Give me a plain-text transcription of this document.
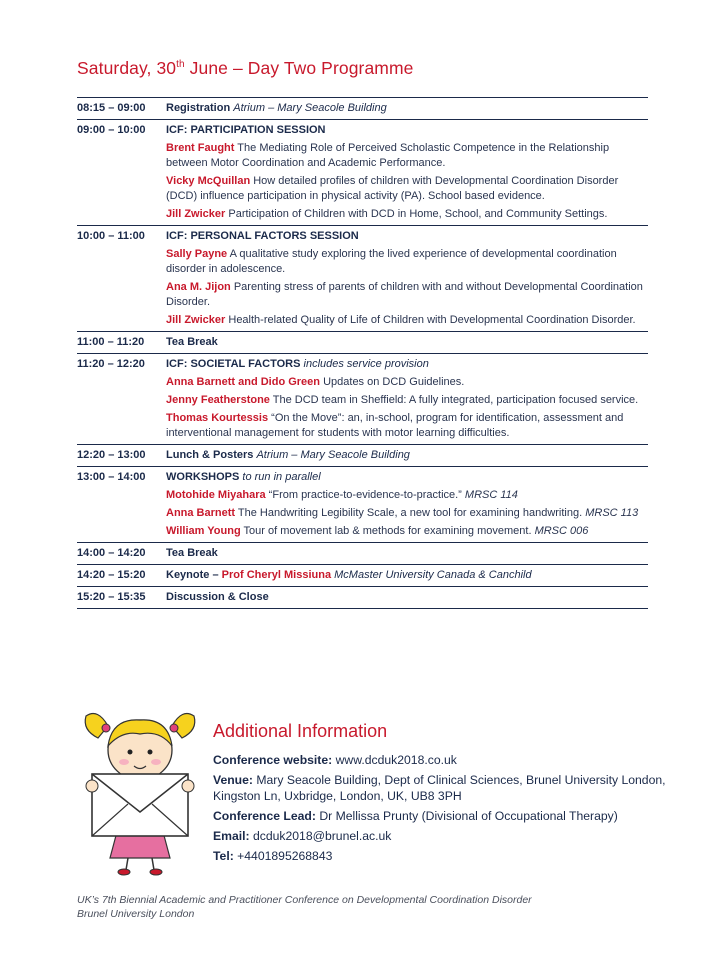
Saturday, 30th June – Day Two Programme
08:15 – 09:00	Registration Atrium – Mary Seacole Building
09:00 – 10:00	ICF: PARTICIPATION SESSION
Brent Faught The Mediating Role of Perceived Scholastic Competence in the Relationship between Motor Coordination and Academic Performance.
Vicky McQuillan How detailed profiles of children with Developmental Coordination Disorder (DCD) influence participation in physical activity (PA). School based evidence.
Jill Zwicker Participation of Children with DCD in Home, School, and Community Settings.
10:00 – 11:00	ICF: PERSONAL FACTORS SESSION
Sally Payne A qualitative study exploring the lived experience of developmental coordination disorder in adolescence.
Ana M. Jijon Parenting stress of parents of children with and without Developmental Coordination Disorder.
Jill Zwicker Health-related Quality of Life of Children with Developmental Coordination Disorder.
11:00 – 11:20	Tea Break
11:20 – 12:20	ICF: SOCIETAL FACTORS includes service provision
Anna Barnett and Dido Green Updates on DCD Guidelines.
Jenny Featherstone The DCD team in Sheffield: A fully integrated, participation focused service.
Thomas Kourtessis “On the Move”: an, in-school, program for identification, assessment and interventional management for students with motor learning difficulties.
12:20 – 13:00	Lunch & Posters Atrium – Mary Seacole Building
13:00 – 14:00	WORKSHOPS to run in parallel
Motohide Miyahara “From practice-to-evidence-to-practice.” MRSC 114
Anna Barnett The Handwriting Legibility Scale, a new tool for examining handwriting. MRSC 113
William Young Tour of movement lab & methods for examining movement. MRSC 006
14:00 – 14:20	Tea Break
14:20 – 15:20	Keynote – Prof Cheryl Missiuna McMaster University Canada & Canchild
15:20 – 15:35	Discussion & Close
Additional Information
Conference website: www.dcduk2018.co.uk
Venue: Mary Seacole Building, Dept of Clinical Sciences, Brunel University London, Kingston Ln, Uxbridge, London, UK, UB8 3PH
Conference Lead: Dr Mellissa Prunty (Divisional of Occupational Therapy)
Email: dcduk2018@brunel.ac.uk
Tel: +4401895268843
UK’s 7th Biennial Academic and Practitioner Conference on Developmental Coordination Disorder
Brunel University London
